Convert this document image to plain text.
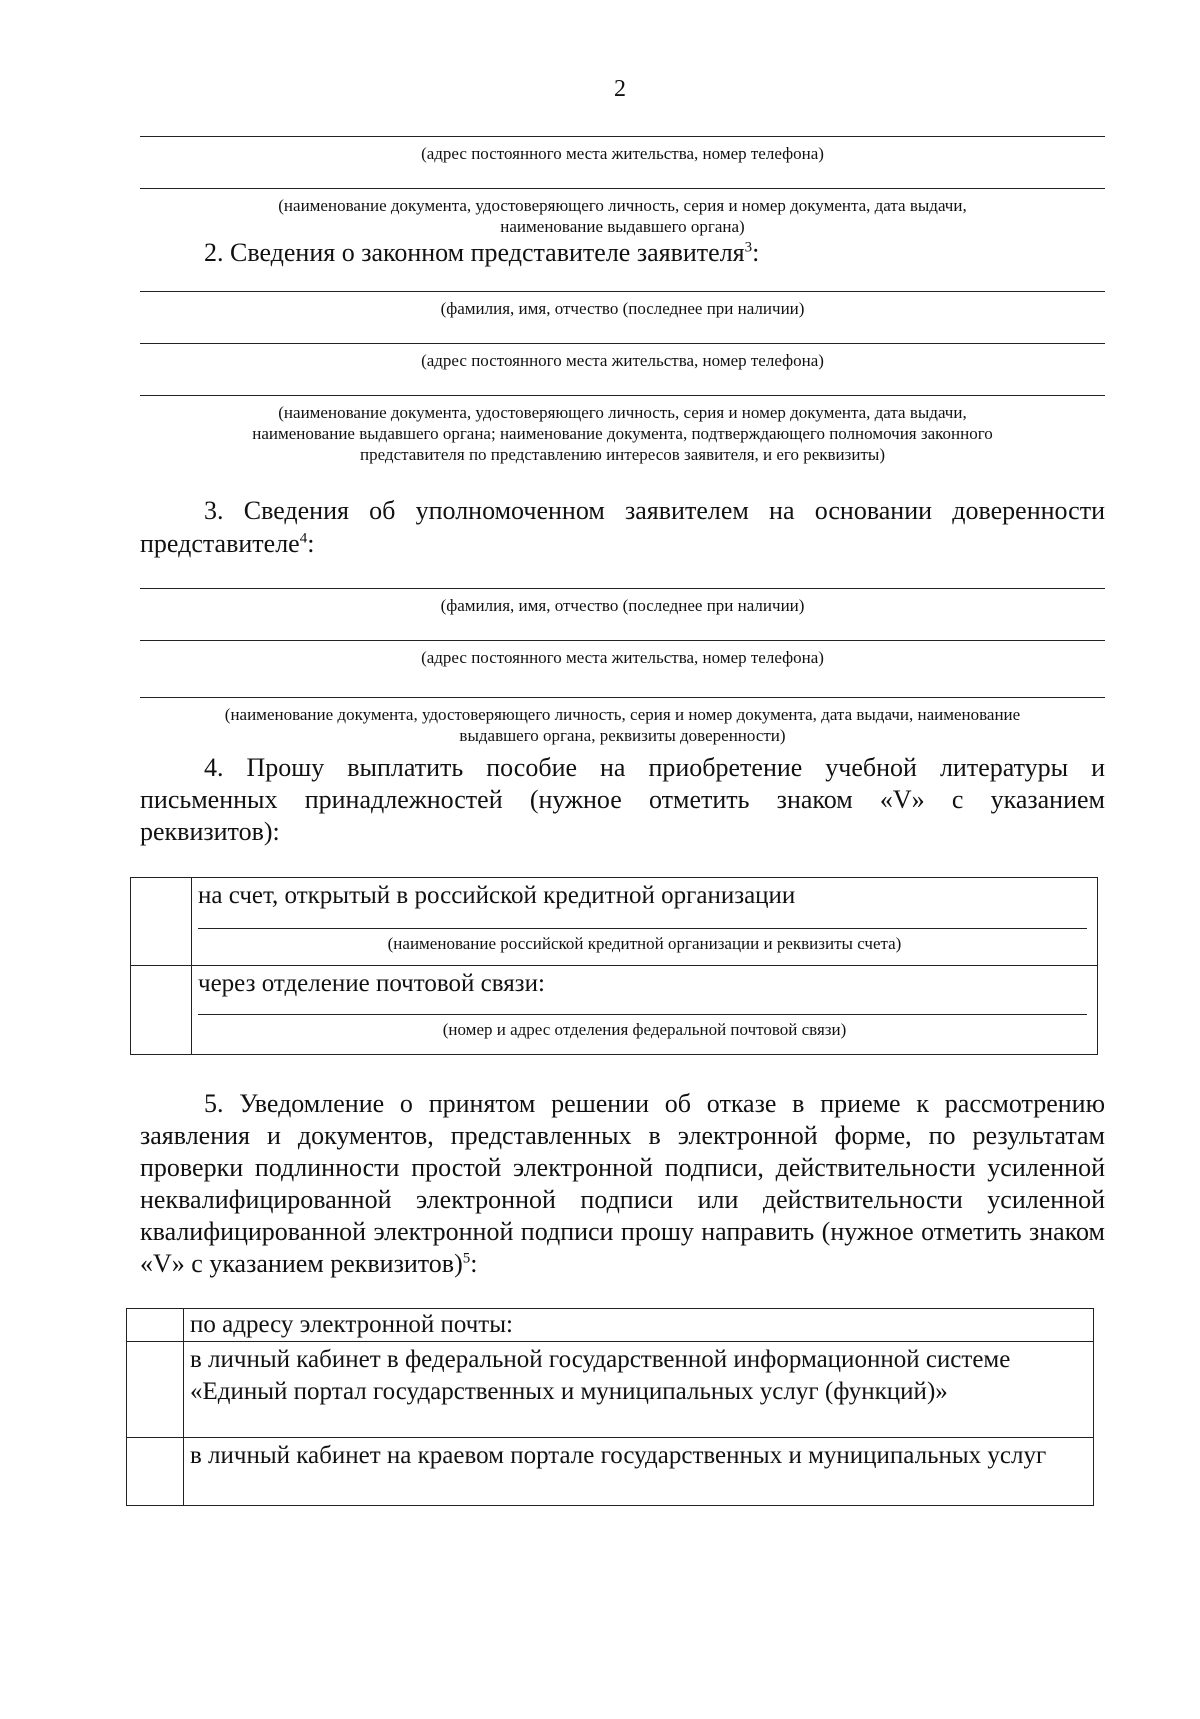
2
(адрес постоянного места жительства, номер телефона)
(наименование документа, удостоверяющего личность, серия и номер документа, дата выдачи,
наименование выдавшего органа)
2. Сведения о законном представителе заявителя$^3$:
(фамилия, имя, отчество (последнее при наличии)
(адрес постоянного места жительства, номер телефона)
(наименование документа, удостоверяющего личность, серия и номер документа, дата выдачи,
наименование выдавшего органа; наименование документа, подтверждающего полномочия законного
представителя по представлению интересов заявителя, и его реквизиты)
3. Сведения об уполномоченном заявителем на основании доверенности
представителе$^4$:
(фамилия, имя, отчество (последнее при наличии)
(адрес постоянного места жительства, номер телефона)
(наименование документа, удостоверяющего личность, серия и номер документа, дата выдачи, наименование
выдавшего органа, реквизиты доверенности)
4. Прошу выплатить пособие на приобретение учебной литературы и письменных принадлежностей (нужное отметить знаком «V» с указанием реквизитов):

	на счет, открытый в российской кредитной организации
(наименование российской кредитной организации и реквизиты счета)

	через отделение почтовой связи:
(номер и адрес отделения федеральной почтовой связи)
5. Уведомление о принятом решении об отказе в приеме к рассмотрению заявления и документов, представленных в электронной форме, по результатам проверки подлинности простой электронной подписи, действительности усиленной неквалифицированной электронной подписи или действительности усиленной квалифицированной электронной подписи прошу направить (нужное отметить знаком «V» с указанием реквизитов)$^5$:

	по адресу электронной почты:

	в личный кабинет в федеральной государственной информационной системе «Единый портал государственных и муниципальных услуг (функций)»

	в личный кабинет на краевом портале государственных и муниципальных услуг
